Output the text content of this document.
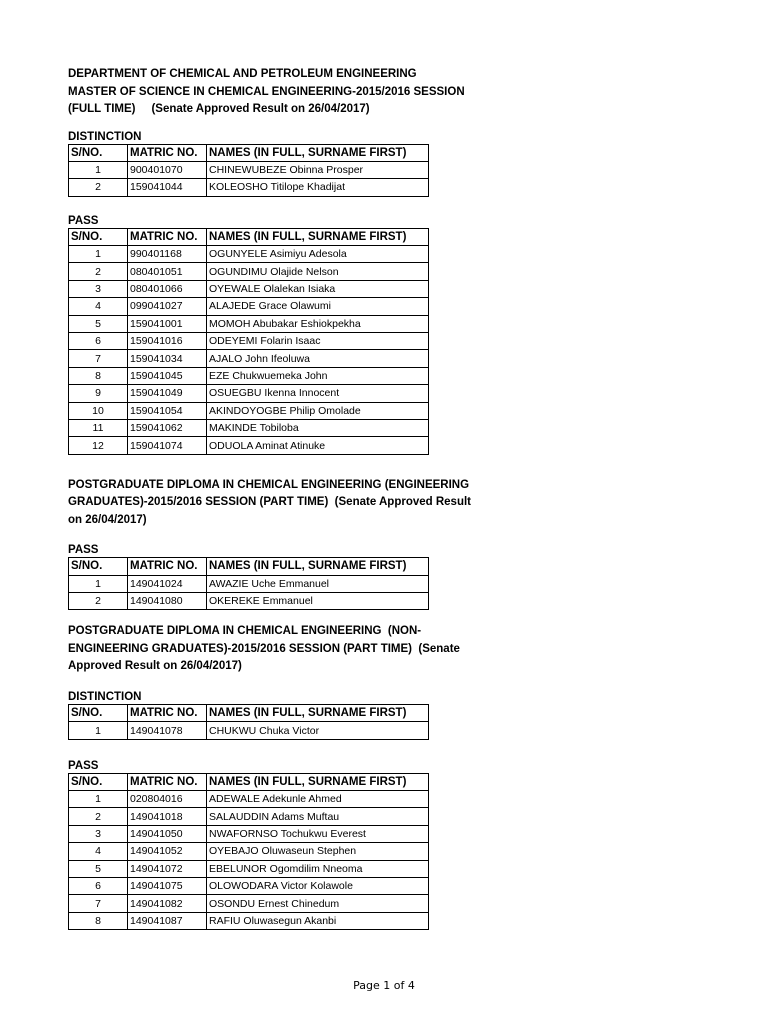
DEPARTMENT OF CHEMICAL AND PETROLEUM ENGINEERING

MASTER OF SCIENCE IN CHEMICAL ENGINEERING-2015/2016 SESSION

(FULL TIME)     (Senate Approved Result on 26/04/2017)

DISTINCTION

S/NO.	MATRIC NO.	NAMES (IN FULL, SURNAME FIRST)
1	900401070	CHINEWUBEZE Obinna Prosper
2	159041044	KOLEOSHO Titilope Khadijat

PASS

S/NO.	MATRIC NO.	NAMES (IN FULL, SURNAME FIRST)
1	990401168	OGUNYELE Asimiyu Adesola
2	080401051	OGUNDIMU Olajide Nelson
3	080401066	OYEWALE Olalekan Isiaka
4	099041027	ALAJEDE Grace Olawumi
5	159041001	MOMOH Abubakar Eshiokpekha
6	159041016	ODEYEMI Folarin Isaac
7	159041034	AJALO John Ifeoluwa
8	159041045	EZE Chukwuemeka John
9	159041049	OSUEGBU Ikenna Innocent
10	159041054	AKINDOYOGBE Philip Omolade
11	159041062	MAKINDE Tobiloba
12	159041074	ODUOLA Aminat Atinuke

POSTGRADUATE DIPLOMA IN CHEMICAL ENGINEERING (ENGINEERING

GRADUATES)-2015/2016 SESSION (PART TIME)  (Senate Approved Result

on 26/04/2017)

PASS

S/NO.	MATRIC NO.	NAMES (IN FULL, SURNAME FIRST)
1	149041024	AWAZIE Uche Emmanuel
2	149041080	OKEREKE Emmanuel

POSTGRADUATE DIPLOMA IN CHEMICAL ENGINEERING  (NON-

ENGINEERING GRADUATES)-2015/2016 SESSION (PART TIME)  (Senate

Approved Result on 26/04/2017)

DISTINCTION

S/NO.	MATRIC NO.	NAMES (IN FULL, SURNAME FIRST)
1	149041078	CHUKWU Chuka Victor

PASS

S/NO.	MATRIC NO.	NAMES (IN FULL, SURNAME FIRST)
1	020804016	ADEWALE Adekunle Ahmed
2	149041018	SALAUDDIN Adams Muftau
3	149041050	NWAFORNSO Tochukwu Everest
4	149041052	OYEBAJO Oluwaseun Stephen
5	149041072	EBELUNOR Ogomdilim Nneoma
6	149041075	OLOWODARA Victor Kolawole
7	149041082	OSONDU Ernest Chinedum
8	149041087	RAFIU Oluwasegun Akanbi
Page 1 of 4
